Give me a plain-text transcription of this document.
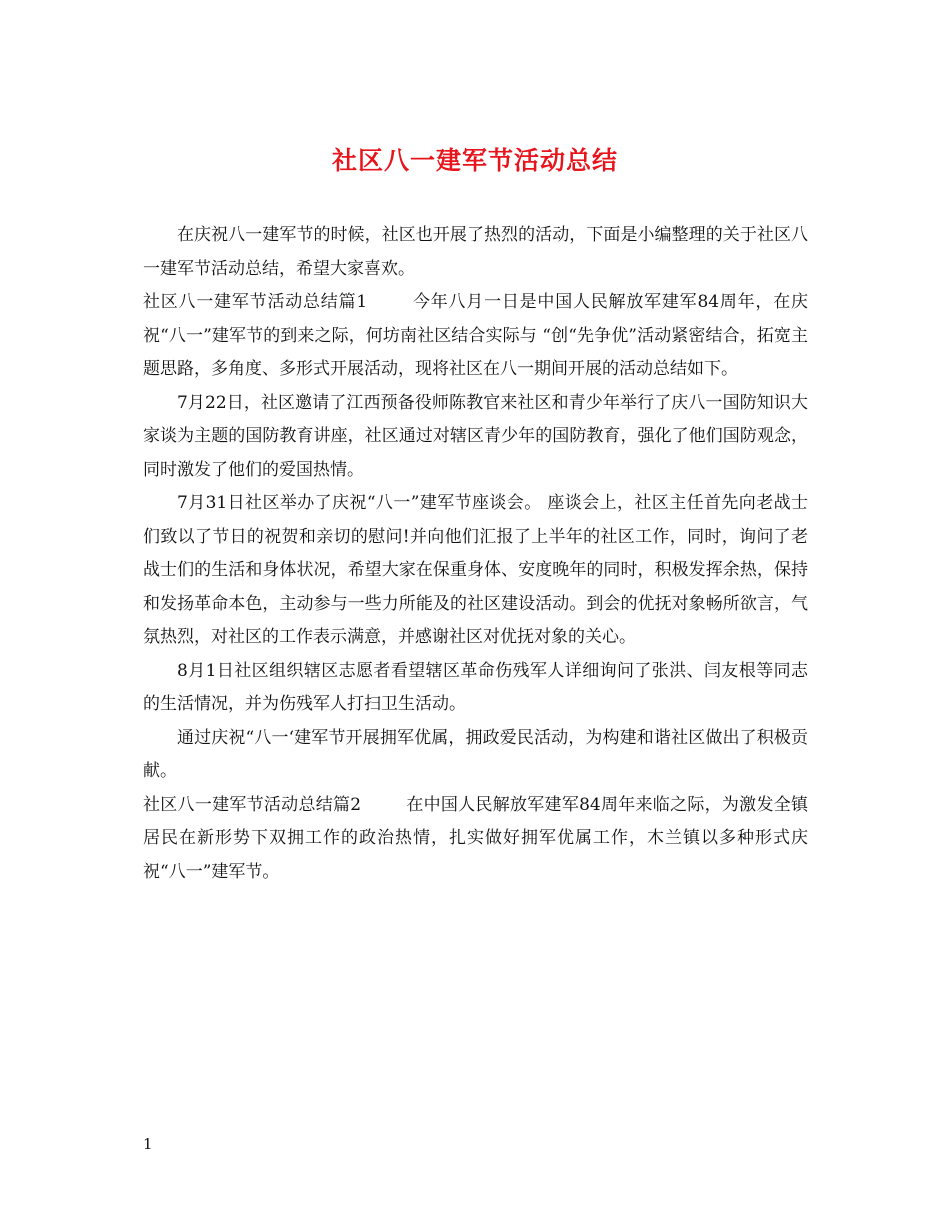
社区八一建军节活动总结

在庆祝八一建军节的时候，社区也开展了热烈的活动，下面是小编整理的关于社区八一建军节活动总结，希望大家喜欢。

社区八一建军节活动总结篇1	今年八月一日是中国人民解放军建军84周年，在庆祝“八一”建军节的到来之际，何坊南社区结合实际与 “创“先争优”活动紧密结合，拓宽主题思路，多角度、多形式开展活动，现将社区在八一期间开展的活动总结如下。

7月22日，社区邀请了江西预备役师陈教官来社区和青少年举行了庆八一国防知识大家谈为主题的国防教育讲座，社区通过对辖区青少年的国防教育，强化了他们国防观念，同时激发了他们的爱国热情。

7月31日社区举办了庆祝“八一”建军节座谈会。 座谈会上，社区主任首先向老战士们致以了节日的祝贺和亲切的慰问!并向他们汇报了上半年的社区工作，同时，询问了老战士们的生活和身体状况，希望大家在保重身体、安度晚年的同时，积极发挥余热，保持和发扬革命本色，主动参与一些力所能及的社区建设活动。到会的优抚对象畅所欲言，气氛热烈，对社区的工作表示满意，并感谢社区对优抚对象的关心。

8月1日社区组织辖区志愿者看望辖区革命伤残军人详细询问了张洪、闫友根等同志的生活情况，并为伤残军人打扫卫生活动。

通过庆祝“八一‘建军节开展拥军优属，拥政爱民活动，为构建和谐社区做出了积极贡献。

社区八一建军节活动总结篇2	在中国人民解放军建军84周年来临之际，为激发全镇居民在新形势下双拥工作的政治热情，扎实做好拥军优属工作，木兰镇以多种形式庆祝“八一”建军节。

1
